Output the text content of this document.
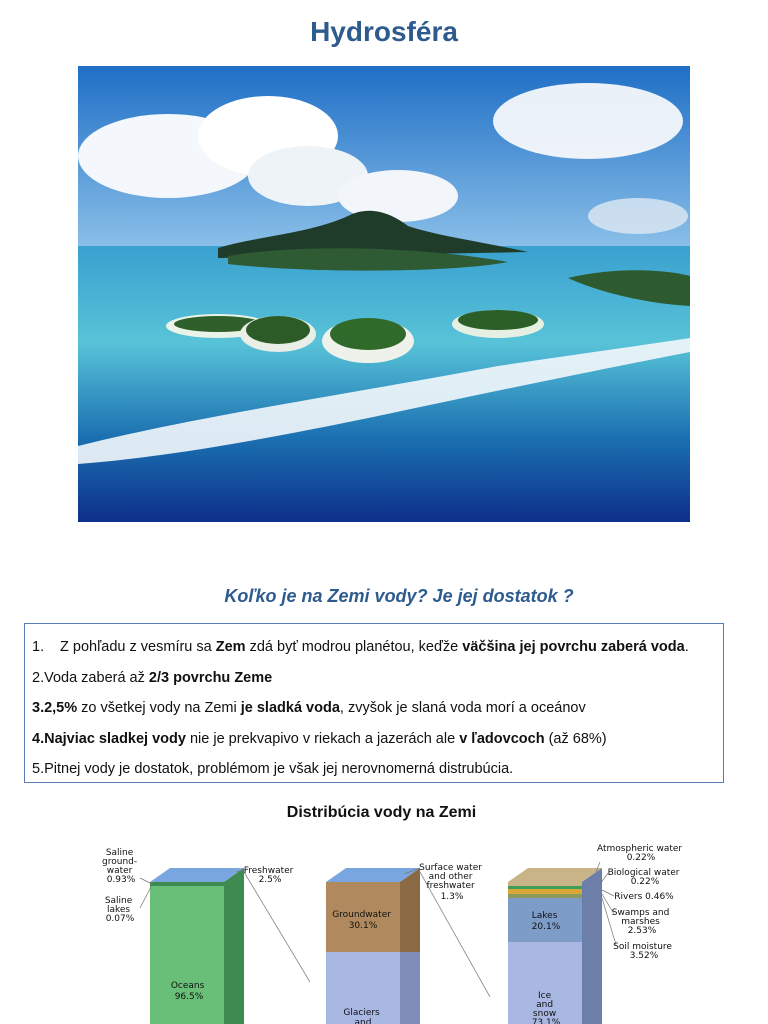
Hydrosféra
Koľko je na Zemi vody? Je jej dostatok ?

1. Z pohľadu z vesmíru sa Zem zdá byť modrou planétou, keďže väčšina jej povrchu zaberá voda.

2.Voda zaberá až 2/3 povrchu Zeme

3.2,5% zo všetkej vody na Zemi je sladká voda, zvyšok je slaná voda morí a oceánov

4.Najviac sladkej vody nie je prekvapivo v riekach a jazerách ale v ľadovcoch (až 68%)

5.Pitnej vody je dostatok, problémom je však jej nerovnomerná distrubúcia.

Distribúcia vody na Zemi
Saline ground- water 0.93%
Saline lakes 0.07%
Oceans 96.5%
Freshwater 2.5%
Groundwater 30.1%
Glaciers and
Surface water and other freshwater 1.3%
Lakes 20.1%
Ice and snow 73.1%
Atmospheric water 0.22%
Biological water 0.22%
Rivers 0.46%
Swamps and marshes 2.53%
Soil moisture 3.52%
